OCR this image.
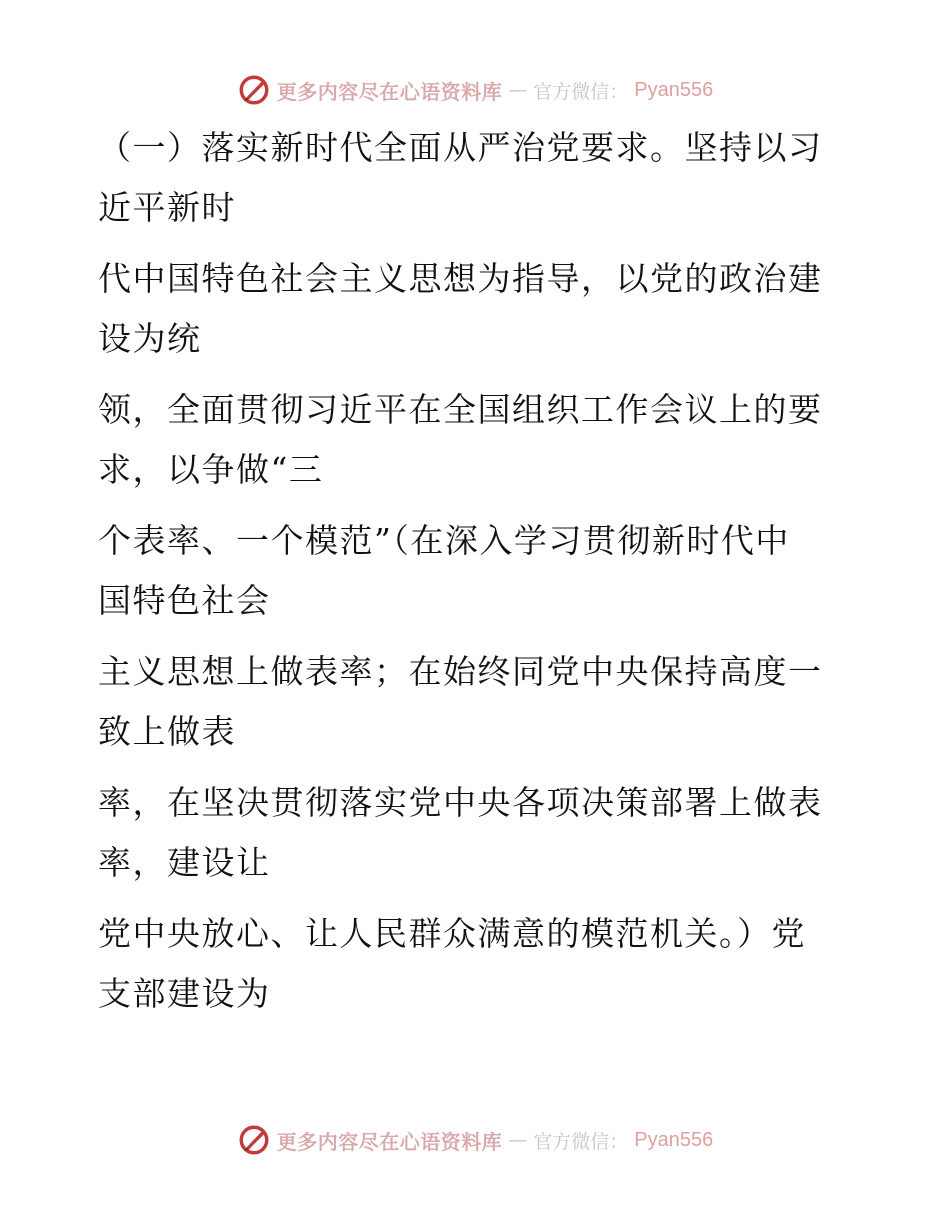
更多内容尽在心语资料库 — 官方微信： Pyan556
（一）落实新时代全面从严治党要求。坚持以习
近平新时
代中国特色社会主义思想为指导，以党的政治建
设为统
领，全面贯彻习近平在全国组织工作会议上的要
求，以争做“三
个表率、一个模范”（在深入学习贯彻新时代中
国特色社会
主义思想上做表率；在始终同党中央保持高度一
致上做表
率，在坚决贯彻落实党中央各项决策部署上做表
率，建设让
党中央放心、让人民群众满意的模范机关。）党
支部建设为
更多内容尽在心语资料库 — 官方微信： Pyan556
